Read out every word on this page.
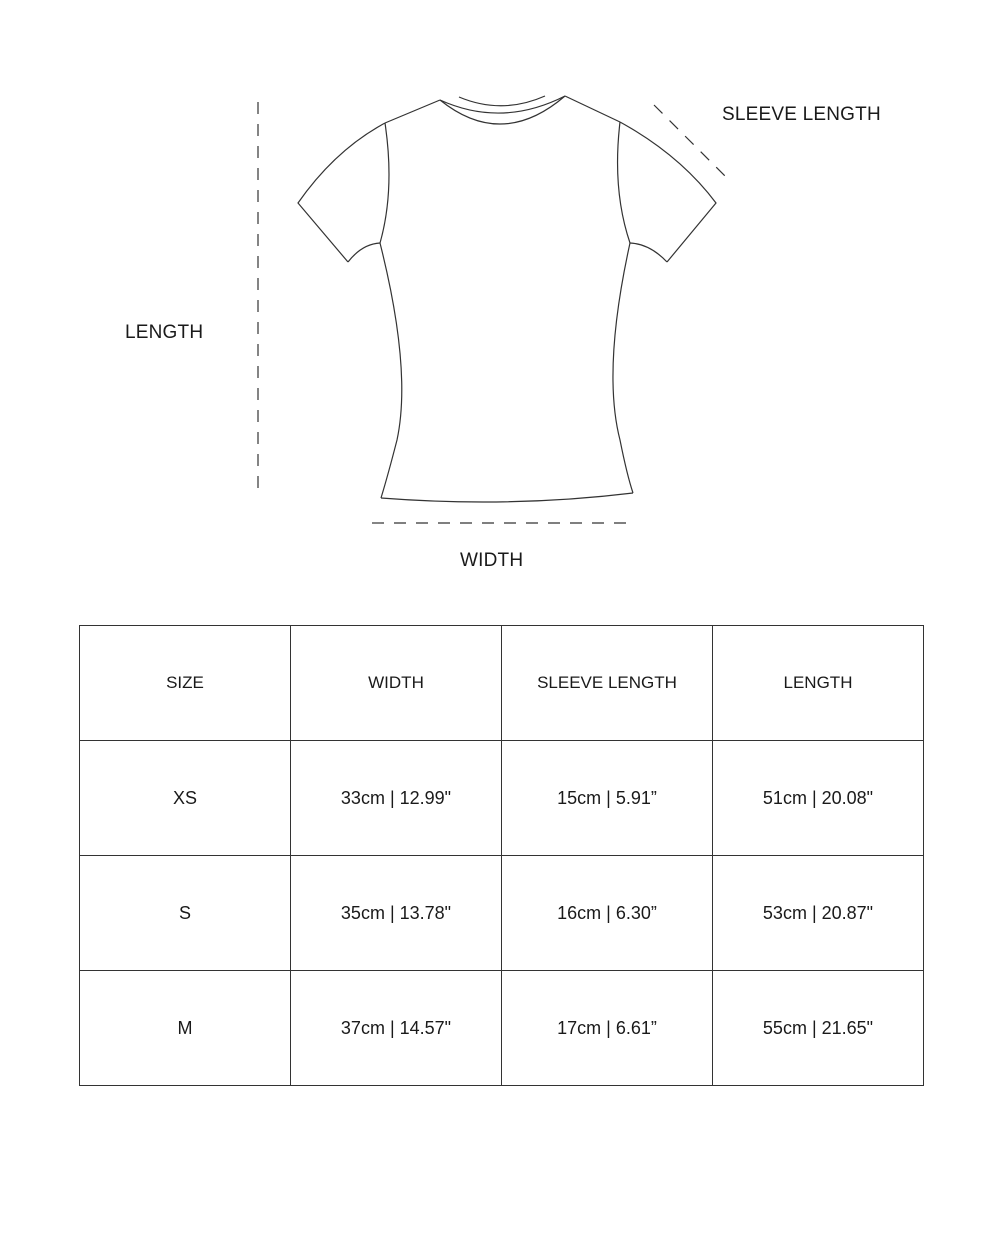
SLEEVE LENGTH
LENGTH
WIDTH
SIZE	WIDTH	SLEEVE LENGTH	LENGTH
XS	33cm | 12.99"	15cm | 5.91”	51cm | 20.08"
S	35cm | 13.78"	16cm | 6.30”	53cm | 20.87"
M	37cm | 14.57"	17cm | 6.61”	55cm | 21.65"
